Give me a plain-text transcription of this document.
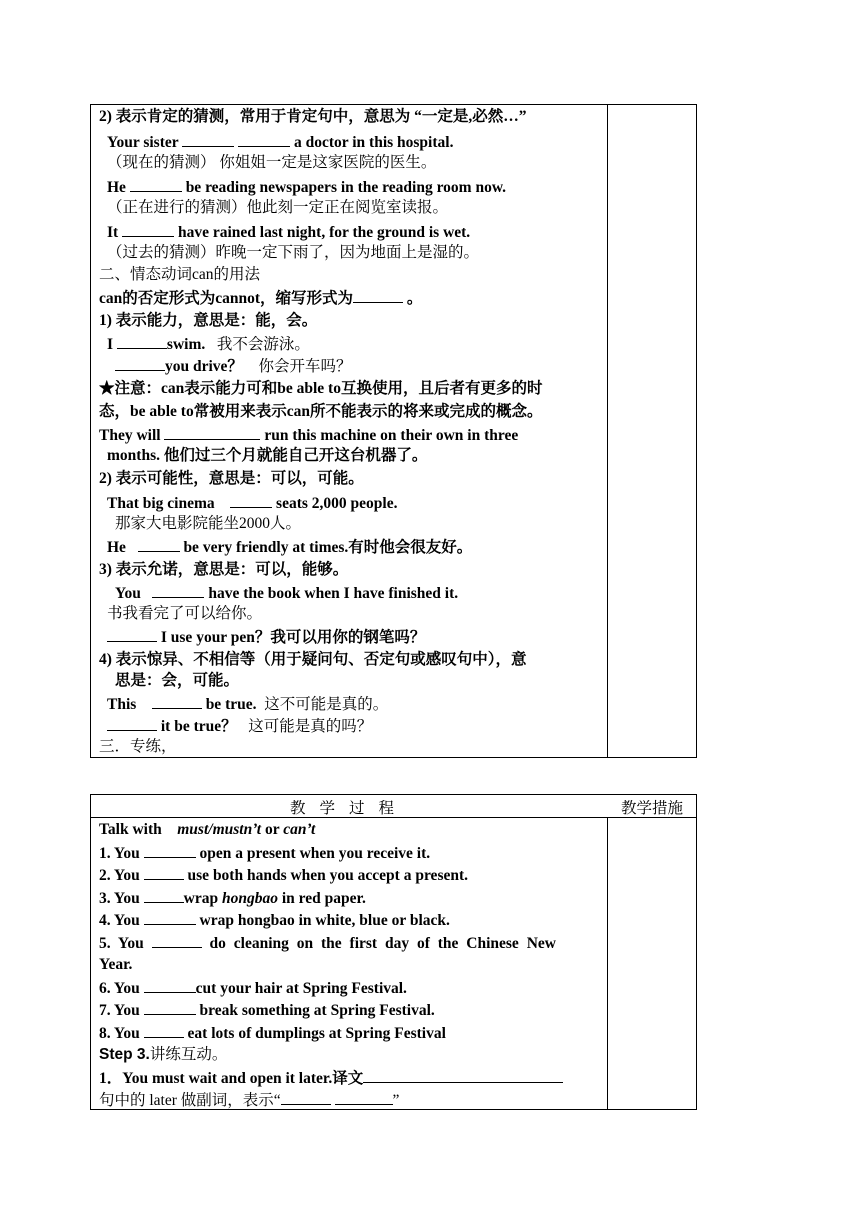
2) 表示肯定的猜测，常用于肯定句中，意思为 “一定是,必然…”
Your sister	a doctor in this hospital.
（现在的猜测） 你姐姐一定是这家医院的医生。
He	be reading newspapers in the reading room now.
（正在进行的猜测）他此刻一定正在阅览室读报。
It	have rained last night, for the ground is wet.
（过去的猜测）昨晚一定下雨了，因为地面上是湿的。
二、情态动词can的用法
can的否定形式为cannot，缩写形式为	。
1) 表示能力，意思是：能，会。
I	swim. 我不会游泳。
you drive？ 你会开车吗？
★注意：can表示能力可和be able to互换使用，且后者有更多的时
态，be able to常被用来表示can所不能表示的将来或完成的概念。
They will	run this machine on their own in three
months. 他们过三个月就能自己开这台机器了。
2) 表示可能性，意思是：可以，可能。
That big cinema	seats 2,000 people.
那家大电影院能坐2000人。
He	be very friendly at times.有时他会很友好。
3) 表示允诺，意思是：可以，能够。
You	have the book when I have finished it.
书我看完了可以给你。
I use your pen？我可以用你的钢笔吗？
4) 表示惊异、不相信等（用于疑问句、否定句或感叹句中），意
思是：会，可能。
This	be true. 这不可能是真的。
it be true？ 这可能是真的吗？
三．专练，
教学过程	教学措施
Talk with must/mustn’t or can’t
1. You	open a present when you receive it.
2. You	use both hands when you accept a present.
3. You	wrap hongbao in red paper.
4. You	wrap hongbao in white, blue or black.
5. You	do cleaning on the first day of the Chinese New
Year.
6. You	cut your hair at Spring Festival.
7. You	break something at Spring Festival.
8. You	eat lots of dumplings at Spring Festival
Step 3.讲练互动。
1．You must wait and open it later.译文
句中的 later 做副词，表示“	”
